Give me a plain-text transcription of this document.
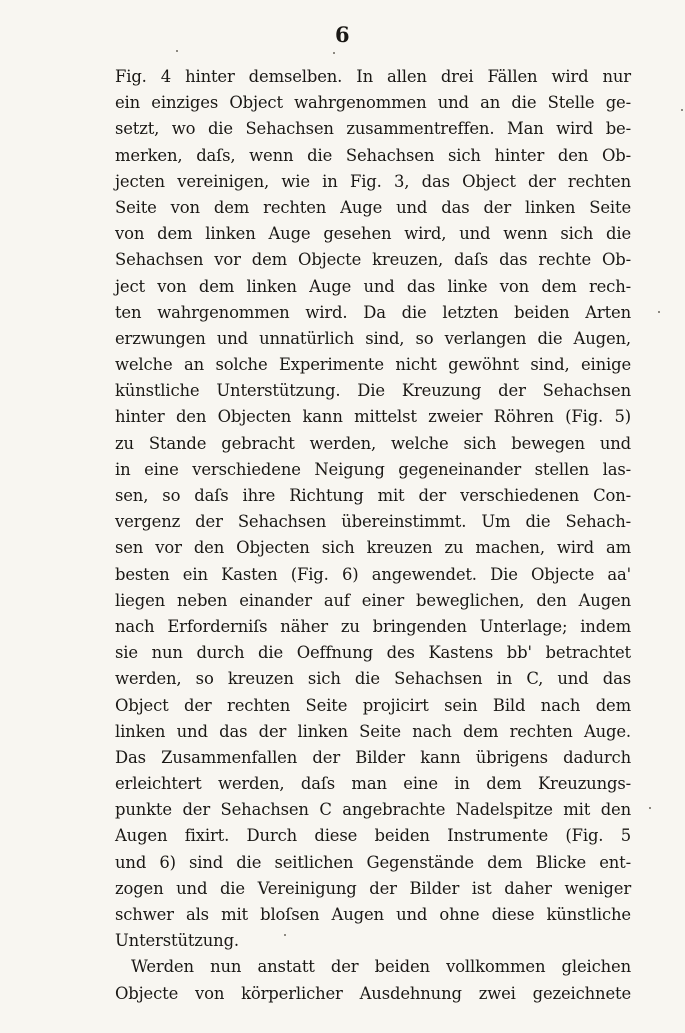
6
Fig. 4 hinter demselben. In allen drei Fällen wird nur
ein einziges Object wahrgenommen und an die Stelle ge-
setzt, wo die Sehachsen zusammentreffen. Man wird be-
merken, daſs, wenn die Sehachsen sich hinter den Ob-
jecten vereinigen, wie in Fig. 3, das Object der rechten
Seite von dem rechten Auge und das der linken Seite
von dem linken Auge gesehen wird, und wenn sich die
Sehachsen vor dem Objecte kreuzen, daſs das rechte Ob-
ject von dem linken Auge und das linke von dem rech-
ten wahrgenommen wird. Da die letzten beiden Arten
erzwungen und unnatürlich sind, so verlangen die Augen,
welche an solche Experimente nicht gewöhnt sind, einige
künstliche Unterstützung. Die Kreuzung der Sehachsen
hinter den Objecten kann mittelst zweier Röhren (Fig. 5)
zu Stande gebracht werden, welche sich bewegen und
in eine verschiedene Neigung gegeneinander stellen las-
sen, so daſs ihre Richtung mit der verschiedenen Con-
vergenz der Sehachsen übereinstimmt. Um die Sehach-
sen vor den Objecten sich kreuzen zu machen, wird am
besten ein Kasten (Fig. 6) angewendet. Die Objecte aa'
liegen neben einander auf einer beweglichen, den Augen
nach Erforderniſs näher zu bringenden Unterlage; indem
sie nun durch die Oeffnung des Kastens bb' betrachtet
werden, so kreuzen sich die Sehachsen in C, und das
Object der rechten Seite projicirt sein Bild nach dem
linken und das der linken Seite nach dem rechten Auge.
Das Zusammenfallen der Bilder kann übrigens dadurch
erleichtert werden, daſs man eine in dem Kreuzungs-
punkte der Sehachsen C angebrachte Nadelspitze mit den
Augen fixirt. Durch diese beiden Instrumente (Fig. 5
und 6) sind die seitlichen Gegenstände dem Blicke ent-
zogen und die Vereinigung der Bilder ist daher weniger
schwer als mit bloſsen Augen und ohne diese künstliche
Unterstützung.
Werden nun anstatt der beiden vollkommen gleichen
Objecte von körperlicher Ausdehnung zwei gezeichnete
